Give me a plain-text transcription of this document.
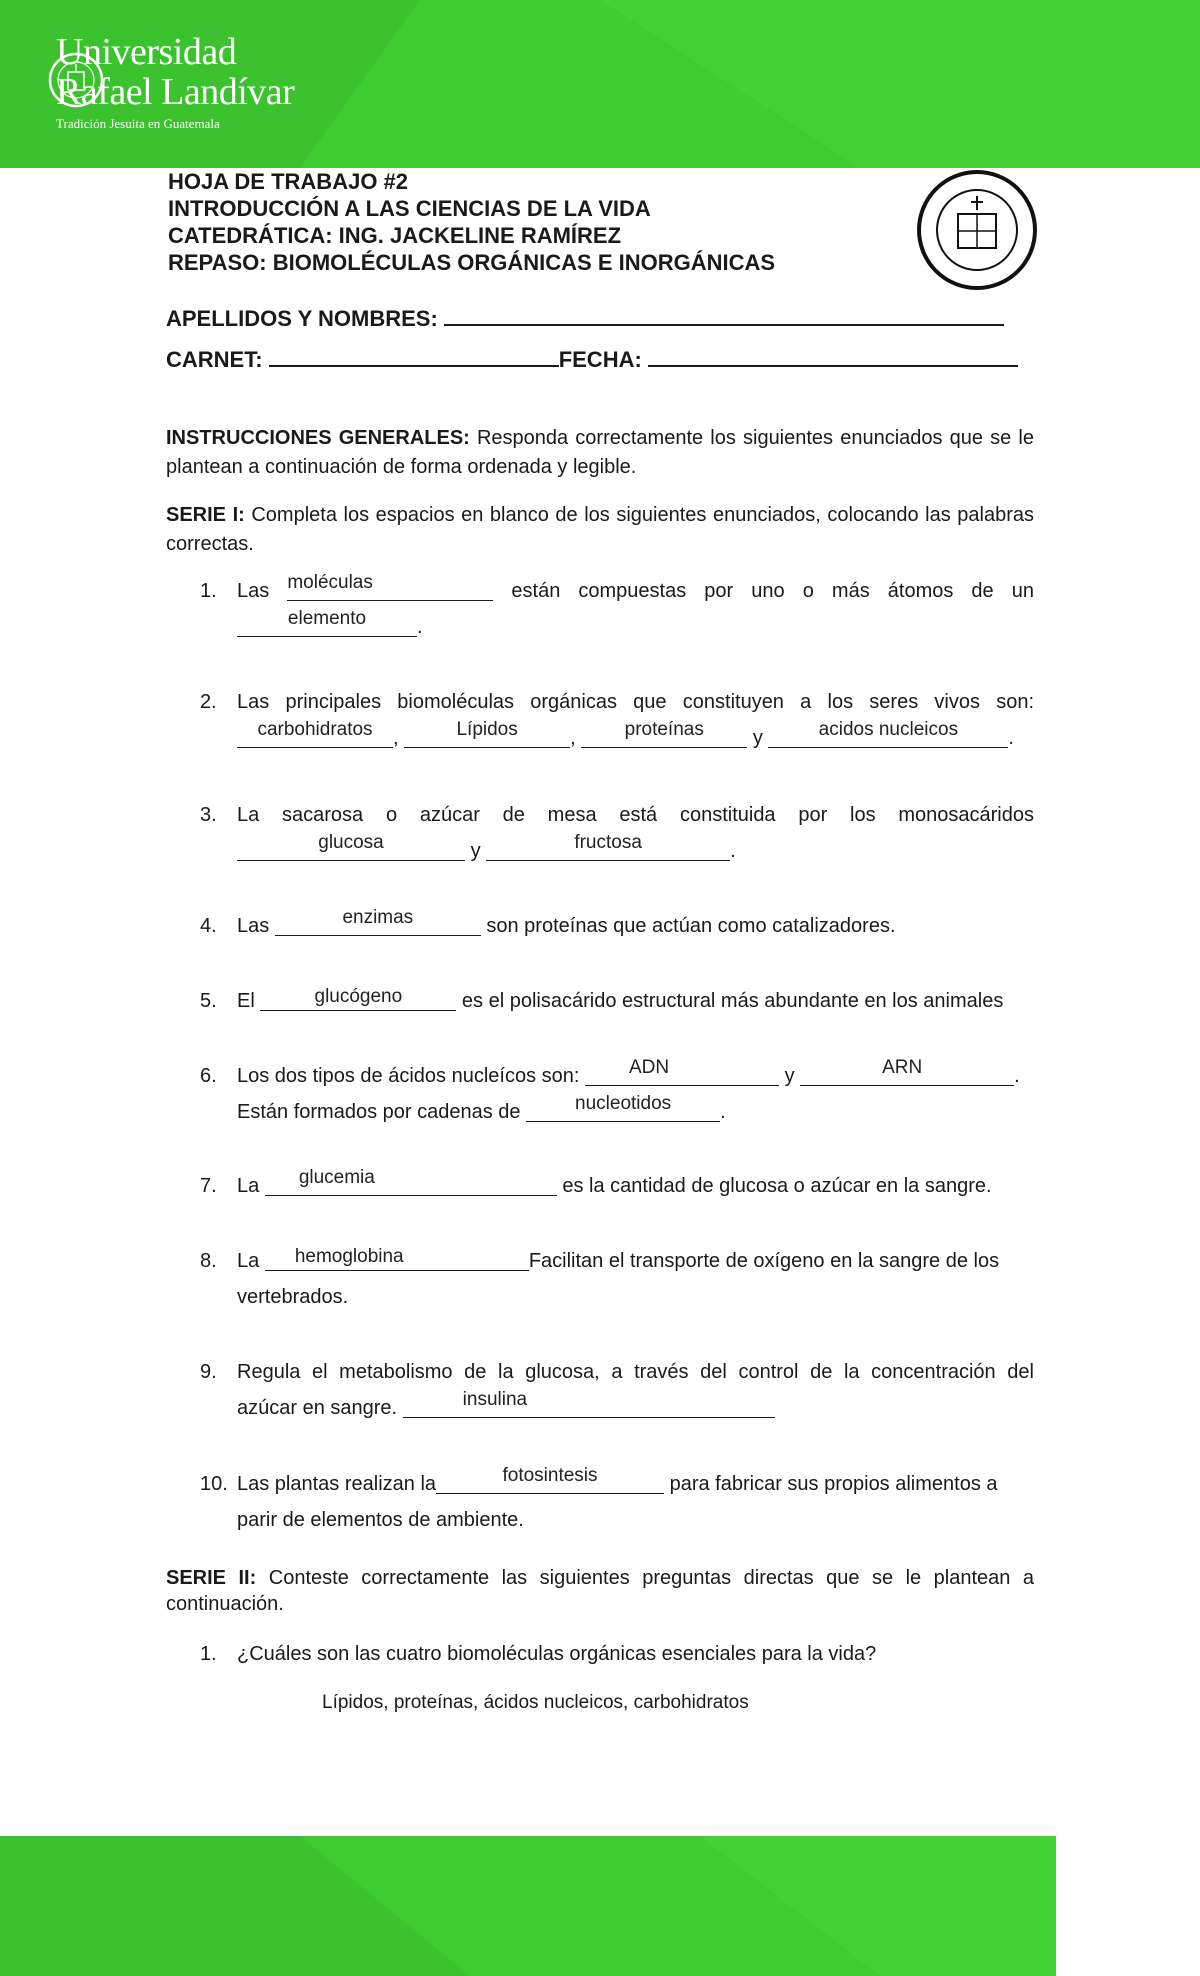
Universidad
Rafael Landívar
Tradición Jesuita en Guatemala
HOJA DE TRABAJO #2
INTRODUCCIÓN A LAS CIENCIAS DE LA VIDA
CATEDRÁTICA: ING. JACKELINE RAMÍREZ
REPASO: BIOMOLÉCULAS ORGÁNICAS E INORGÁNICAS
APELLIDOS Y NOMBRES:
CARNET:	FECHA:
INSTRUCCIONES GENERALES: Responda correctamente los siguientes enunciados que se le plantean a continuación de forma ordenada y legible.
SERIE I: Completa los espacios en blanco de los siguientes enunciados, colocando las palabras correctas.
1.	Las moléculas	están compuestas por uno o más átomos de un
elemento	.
2.	Las principales biomoléculas orgánicas que constituyen a los seres vivos son:
carbohidratos	,	Lípidos	,	proteínas	y	acidos nucleicos	.
3.	La sacarosa o azúcar de mesa está constituida por los monosacáridos
glucosa	y	fructosa	.
4.	Las	enzimas	son proteínas que actúan como catalizadores.
5.	El	glucógeno	es el polisacárido estructural más abundante en los animales
6.	Los dos tipos de ácidos nucleícos son:	ADN	y	ARN	.
Están formados por cadenas de	nucleotidos	.
7.	La glucemia	es la cantidad de glucosa o azúcar en la sangre.
8.	La hemoglobina	Facilitan el transporte de oxígeno en la sangre de los
vertebrados.
9.	Regula el metabolismo de la glucosa, a través del control de la concentración del
azúcar en sangre.	insulina
10. Las plantas realizan la	fotosintesis	para fabricar sus propios alimentos a
parir de elementos de ambiente.
SERIE II: Conteste correctamente las siguientes preguntas directas que se le plantean a continuación.
1.	¿Cuáles son las cuatro biomoléculas orgánicas esenciales para la vida?
Lípidos, proteínas, ácidos nucleicos, carbohidratos
